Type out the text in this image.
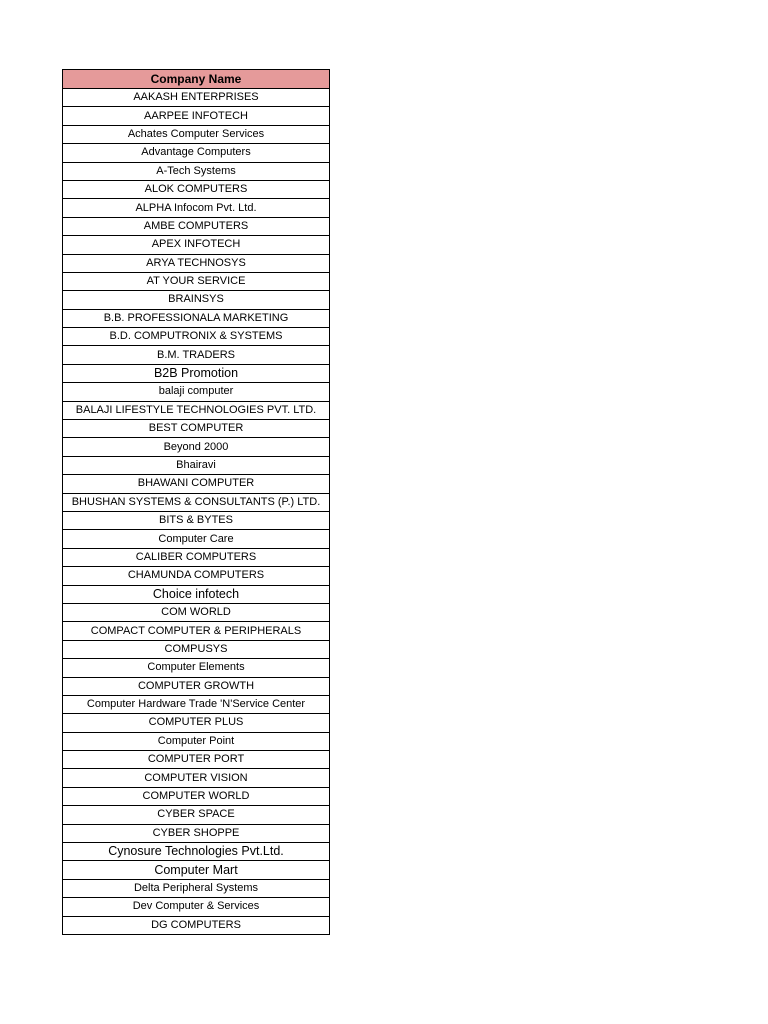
Company Name
AAKASH ENTERPRISES
AARPEE INFOTECH
Achates Computer Services
Advantage Computers
A-Tech Systems
ALOK COMPUTERS
ALPHA Infocom Pvt. Ltd.
AMBE COMPUTERS
APEX INFOTECH
ARYA TECHNOSYS
AT YOUR SERVICE
BRAINSYS
B.B. PROFESSIONALA MARKETING
B.D. COMPUTRONIX & SYSTEMS
B.M. TRADERS
B2B Promotion
balaji computer
BALAJI LIFESTYLE TECHNOLOGIES PVT. LTD.
BEST COMPUTER
Beyond 2000
Bhairavi
BHAWANI COMPUTER
BHUSHAN SYSTEMS & CONSULTANTS (P.) LTD.
BITS & BYTES
Computer Care
CALIBER COMPUTERS
CHAMUNDA COMPUTERS
Choice infotech
COM WORLD
COMPACT COMPUTER & PERIPHERALS
COMPUSYS
Computer Elements
COMPUTER GROWTH
Computer Hardware Trade 'N'Service Center
COMPUTER PLUS
Computer Point
COMPUTER PORT
COMPUTER VISION
COMPUTER WORLD
CYBER SPACE
CYBER SHOPPE
Cynosure Technologies Pvt.Ltd.
Computer Mart
Delta Peripheral Systems
Dev Computer & Services
DG COMPUTERS
